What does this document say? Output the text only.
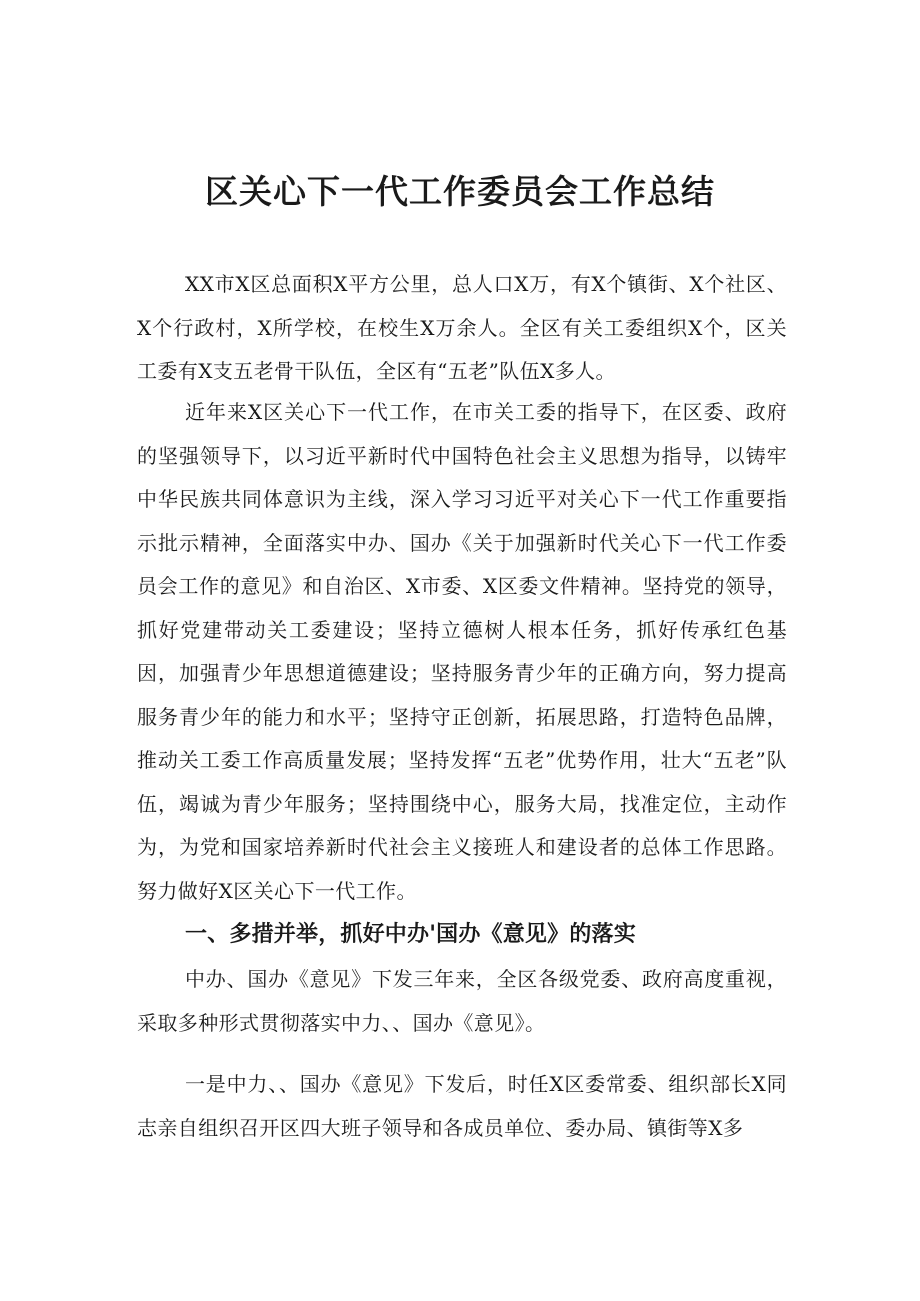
区关心下一代工作委员会工作总结

XX市X区总面积X平方公里，总人口X万，有X个镇街、X个社区、X个行政村，X所学校，在校生X万余人。全区有关工委组织X个，区关工委有X支五老骨干队伍，全区有“五老”队伍X多人。

近年来X区关心下一代工作，在市关工委的指导下，在区委、政府的坚强领导下，以习近平新时代中国特色社会主义思想为指导，以铸牢中华民族共同体意识为主线，深入学习习近平对关心下一代工作重要指示批示精神，全面落实中办、国办《关于加强新时代关心下一代工作委员会工作的意见》和自治区、X市委、X区委文件精神。坚持党的领导，抓好党建带动关工委建设；坚持立德树人根本任务，抓好传承红色基因，加强青少年思想道德建设；坚持服务青少年的正确方向，努力提高服务青少年的能力和水平；坚持守正创新，拓展思路，打造特色品牌，推动关工委工作高质量发展；坚持发挥“五老”优势作用，壮大“五老”队伍，竭诚为青少年服务；坚持围绕中心，服务大局，找准定位，主动作为，为党和国家培养新时代社会主义接班人和建设者的总体工作思路。努力做好X区关心下一代工作。

一、多措并举，抓好中办'国办《意见》的落实

中办、国办《意见》下发三年来，全区各级党委、政府高度重视，采取多种形式贯彻落实中力、、国办《意见》。

一是中力、、国办《意见》下发后，时任X区委常委、组织部长X同志亲自组织召开区四大班子领导和各成员单位、委办局、镇街等X多
